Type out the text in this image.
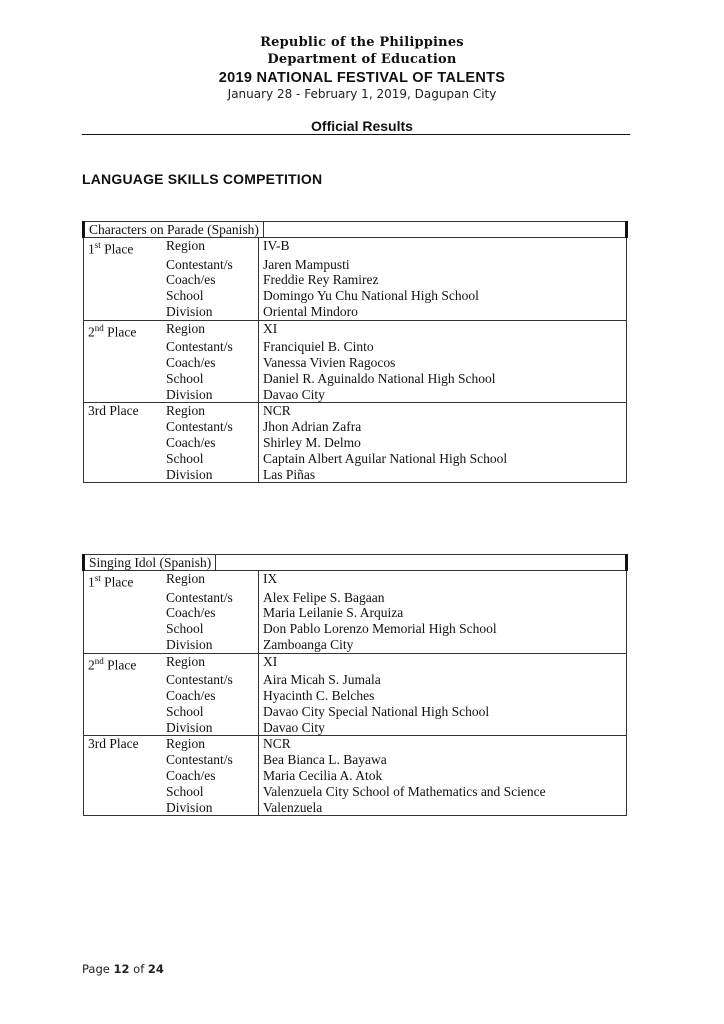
Republic of the Philippines
Department of Education
2019 NATIONAL FESTIVAL OF TALENTS
January 28 - February 1, 2019, Dagupan City
Official Results
LANGUAGE SKILLS COMPETITION
Characters on Parade (Spanish)		
1st Place	Region	IV-B
	Contestant/s	Jaren Mampusti
	Coach/es	Freddie Rey Ramirez
	School	Domingo Yu Chu National High School
	Division	Oriental Mindoro
2nd Place	Region	XI
	Contestant/s	Franciquiel B. Cinto
	Coach/es	Vanessa Vivien Ragocos
	School	Daniel R. Aguinaldo National High School
	Division	Davao City
3rd Place	Region	NCR
	Contestant/s	Jhon Adrian Zafra
	Coach/es	Shirley M. Delmo
	School	Captain Albert Aguilar National High School
	Division	Las Piñas
Singing Idol (Spanish)		
1st Place	Region	IX
	Contestant/s	Alex Felipe S. Bagaan
	Coach/es	Maria Leilanie S. Arquiza
	School	Don Pablo Lorenzo Memorial High School
	Division	Zamboanga City
2nd Place	Region	XI
	Contestant/s	Aira Micah S. Jumala
	Coach/es	Hyacinth C. Belches
	School	Davao City Special National High School
	Division	Davao City
3rd Place	Region	NCR
	Contestant/s	Bea Bianca L. Bayawa
	Coach/es	Maria Cecilia A. Atok
	School	Valenzuela City School of Mathematics and Science
	Division	Valenzuela
Page 12 of 24
